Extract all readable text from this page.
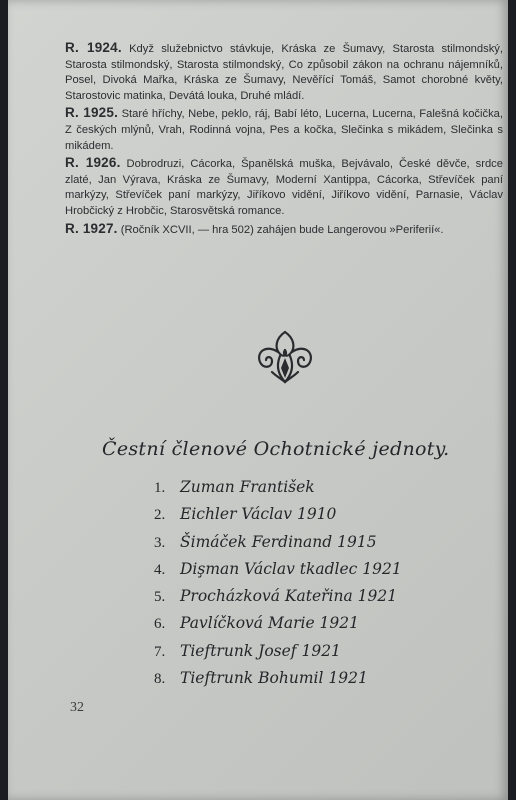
R. 1924. Když služebnictvo stávkuje, Kráska ze Šumavy, Starosta stilmondský, Starosta stilmondský, Starosta stilmondský, Co způsobil zákon na ochranu nájemníků, Posel, Divoká Mařka, Kráska ze Šumavy, Nevěřící Tomáš, Samot chorobné květy, Starostovic matinka, Devátá louka, Druhé mládí.

R. 1925. Staré hříchy, Nebe, peklo, ráj, Babí léto, Lucerna, Lucerna, Falešná kočička, Z českých mlýnů, Vrah, Rodinná vojna, Pes a kočka, Slečinka s mikádem, Slečinka s mikádem.

R. 1926. Dobrodruzi, Cácorka, Španělská muška, Bejvávalo, České děvče, srdce zlaté, Jan Výrava, Kráska ze Šumavy, Moderní Xantippa, Cácorka, Střevíček paní markýzy, Střevíček paní markýzy, Jiříkovo vidění, Jiříkovo vidění, Parnasie, Václav Hrobčický z Hrobčic, Starosvětská romance.

R. 1927. (Ročník XCVII, — hra 502) zahájen bude Langerovou »Periferií«.

Čestní členové Ochotnické jednoty.
1. Zuman František
2. Eichler Václav 1910
3. Šimáček Ferdinand 1915
4. Dişman Václav tkadlec 1921
5. Procházková Kateřina 1921
6. Pavlíčková Marie 1921
7. Tieftrunk Josef 1921
8. Tieftrunk Bohumil 1921
32
